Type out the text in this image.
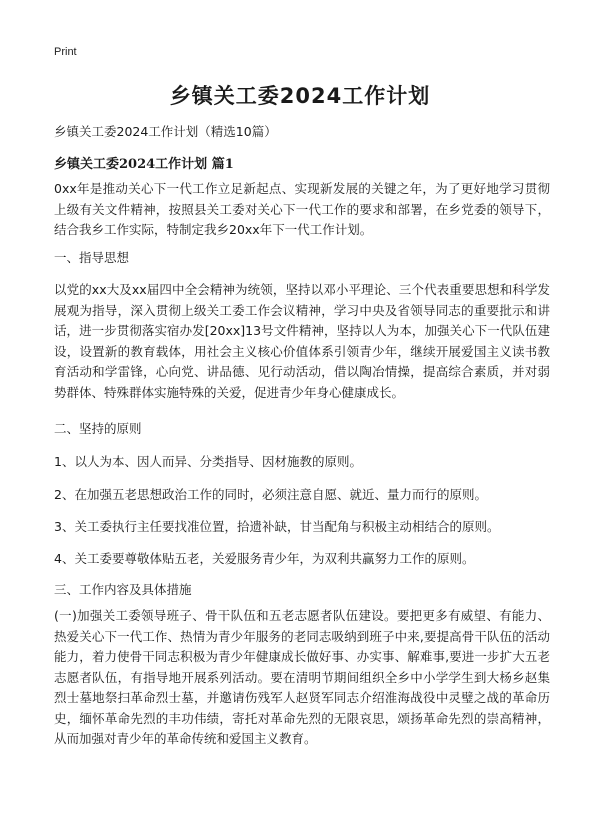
Print
乡镇关工委2024工作计划
乡镇关工委2024工作计划（精选10篇）
乡镇关工委2024工作计划 篇1
0xx年是推动关心下一代工作立足新起点、实现新发展的关键之年，为了更好地学习贯彻上级有关文件精神，按照县关工委对关心下一代工作的要求和部署，在乡党委的领导下，结合我乡工作实际，特制定我乡20xx年下一代工作计划。
一、指导思想
以党的xx大及xx届四中全会精神为统领，坚持以邓小平理论、三个代表重要思想和科学发展观为指导，深入贯彻上级关工委工作会议精神，学习中央及省领导同志的重要批示和讲话，进一步贯彻落实宿办发[20xx]13号文件精神，坚持以人为本，加强关心下一代队伍建设，设置新的教育载体，用社会主义核心价值体系引领青少年，继续开展爱国主义读书教育活动和学雷锋，心向党、讲品德、见行动活动，借以陶冶情操，提高综合素质，并对弱势群体、特殊群体实施特殊的关爱，促进青少年身心健康成长。
二、坚持的原则
1、以人为本、因人而异、分类指导、因材施教的原则。
2、在加强五老思想政治工作的同时，必须注意自愿、就近、量力而行的原则。
3、关工委执行主任要找准位置，拾遗补缺，甘当配角与积极主动相结合的原则。
4、关工委要尊敬体贴五老，关爱服务青少年，为双利共赢努力工作的原则。
三、工作内容及具体措施
(一)加强关工委领导班子、骨干队伍和五老志愿者队伍建设。要把更多有威望、有能力、热爱关心下一代工作、热情为青少年服务的老同志吸纳到班子中来,要提高骨干队伍的活动能力，着力使骨干同志积极为青少年健康成长做好事、办实事、解难事,要进一步扩大五老志愿者队伍，有指导地开展系列活动。要在清明节期间组织全乡中小学学生到大杨乡赵集烈士墓地祭扫革命烈士墓，并邀请伤残军人赵贤军同志介绍淮海战役中灵璧之战的革命历史，缅怀革命先烈的丰功伟绩，寄托对革命先烈的无限哀思，颂扬革命先烈的崇高精神，从而加强对青少年的革命传统和爱国主义教育。
